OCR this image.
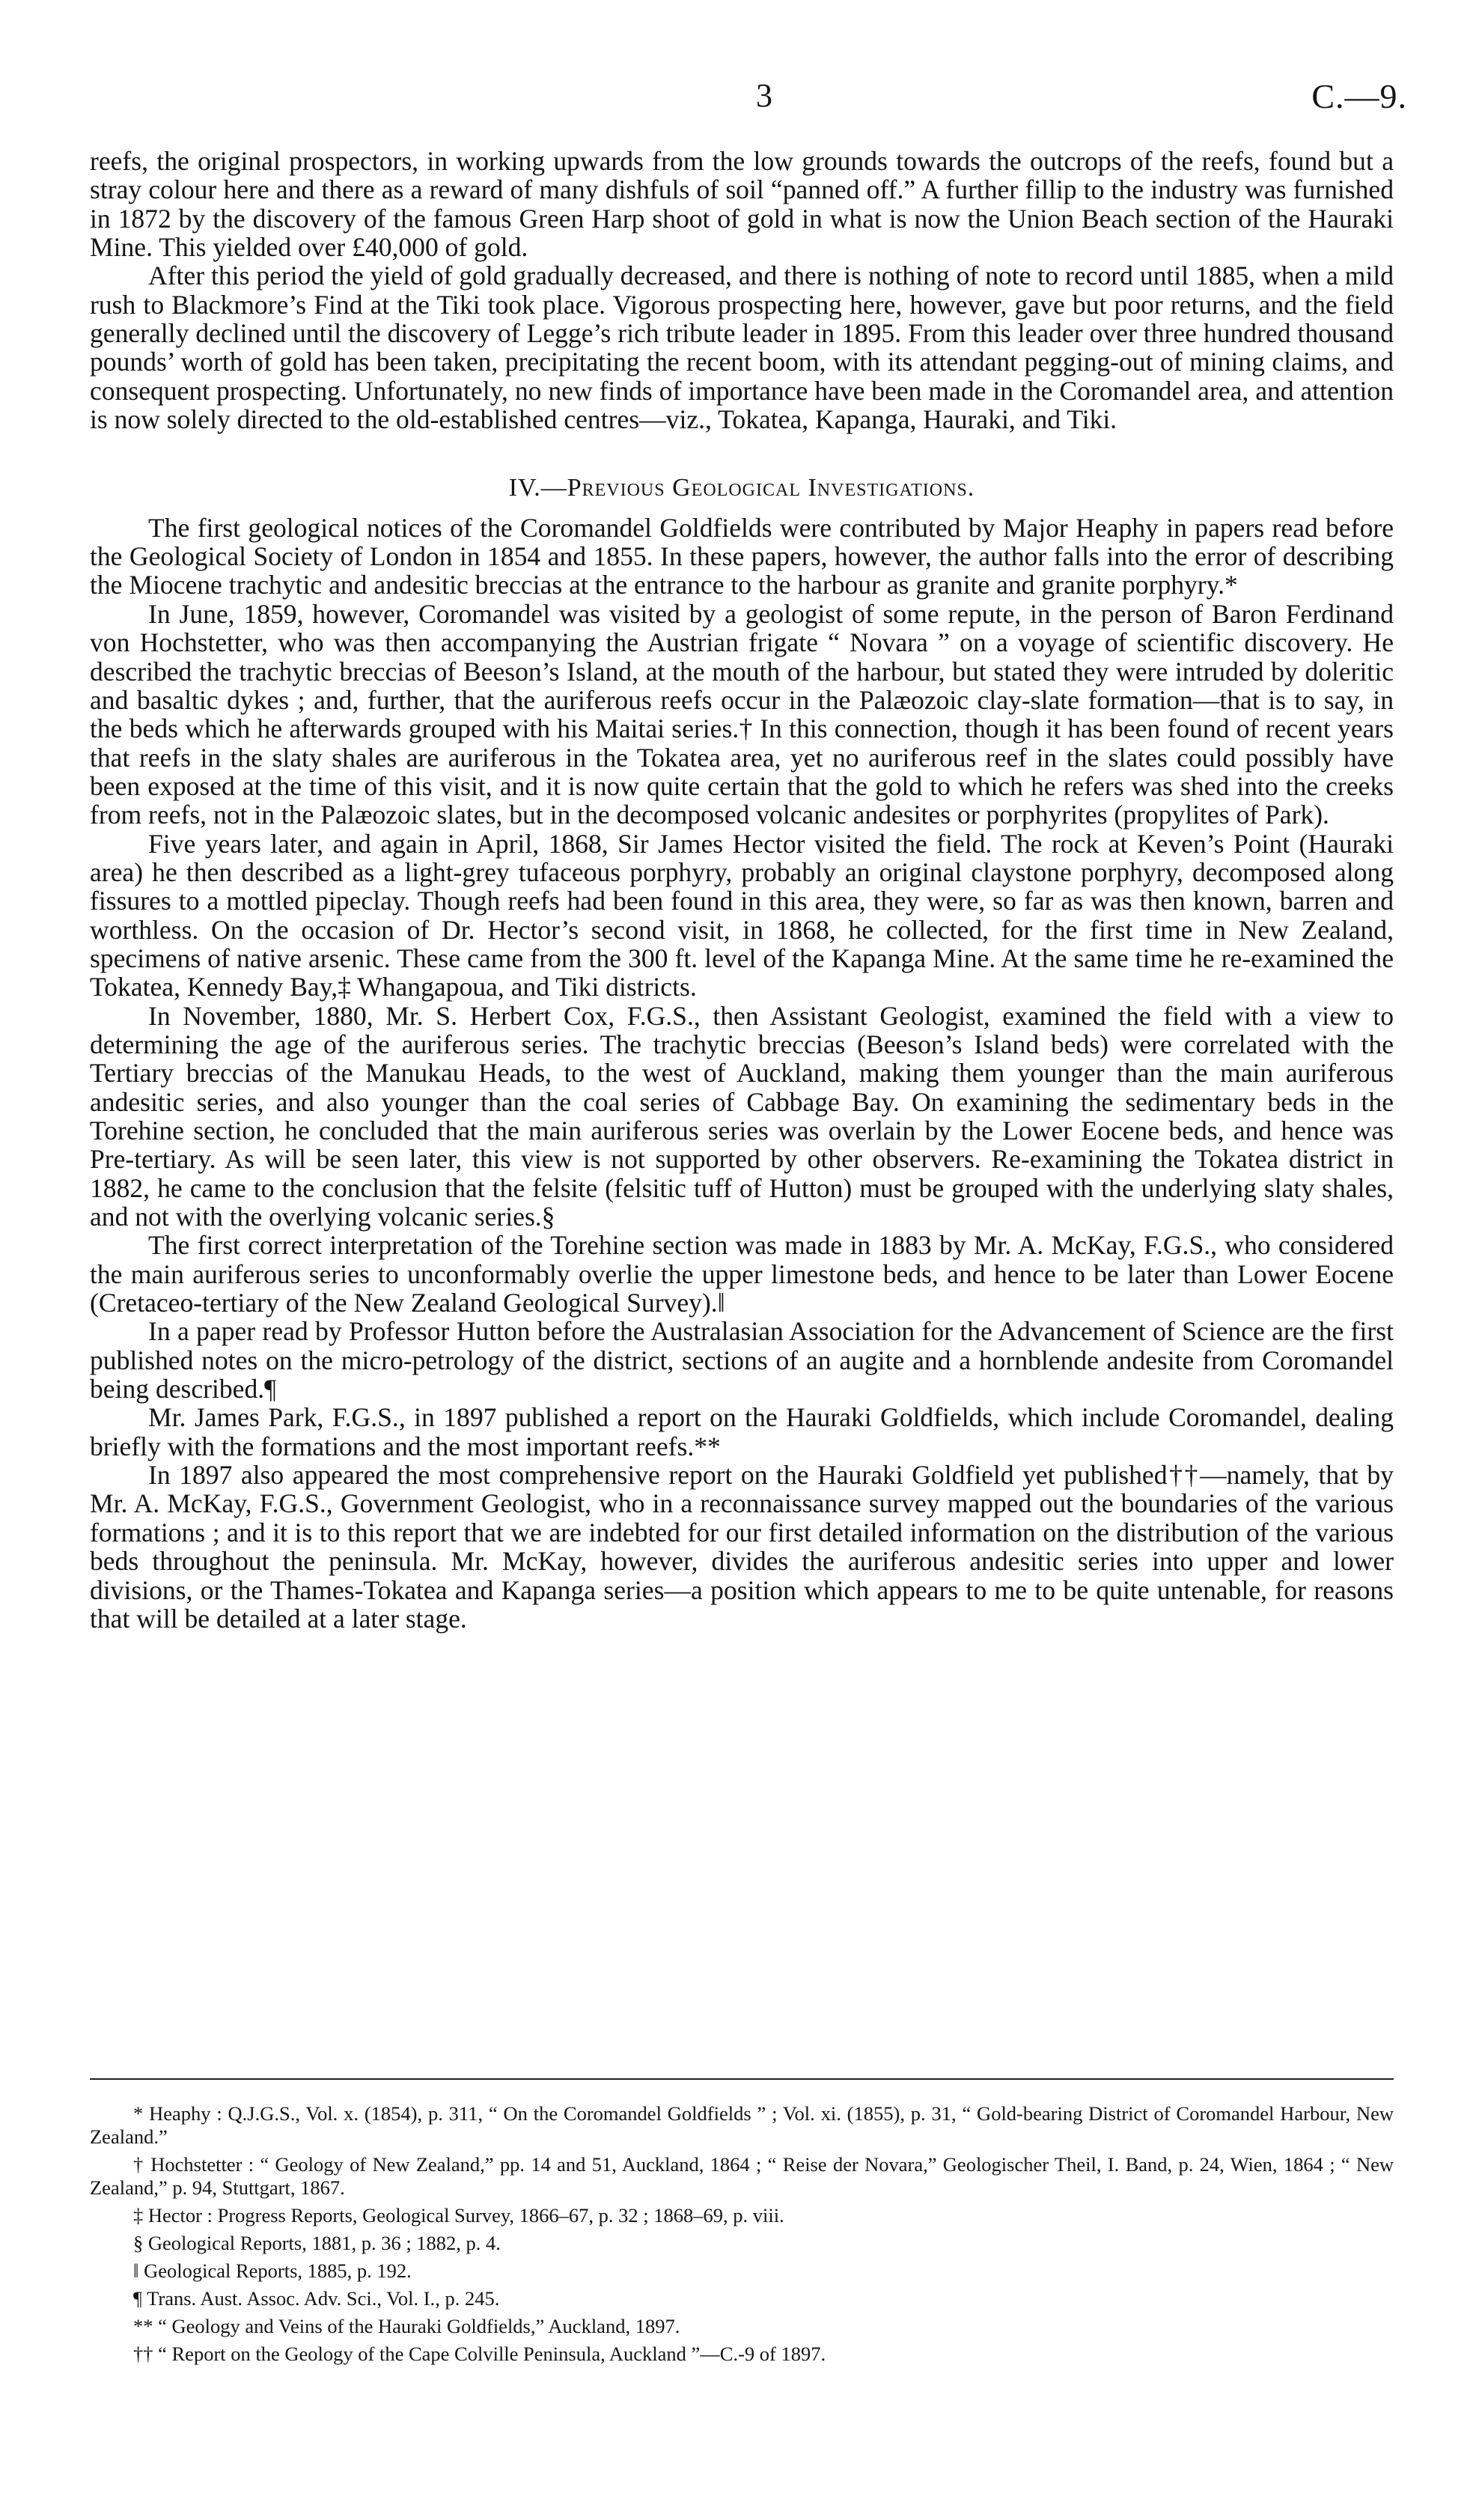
3	C.—9.

reefs, the original prospectors, in working upwards from the low grounds towards the outcrops of the reefs, found but a stray colour here and there as a reward of many dishfuls of soil “panned off.” A further fillip to the industry was furnished in 1872 by the discovery of the famous Green Harp shoot of gold in what is now the Union Beach section of the Hauraki Mine. This yielded over £40,000 of gold.

After this period the yield of gold gradually decreased, and there is nothing of note to record until 1885, when a mild rush to Blackmore’s Find at the Tiki took place. Vigorous prospecting here, however, gave but poor returns, and the field generally declined until the discovery of Legge’s rich tribute leader in 1895. From this leader over three hundred thousand pounds’ worth of gold has been taken, precipitating the recent boom, with its attendant pegging-out of mining claims, and consequent prospecting. Unfortunately, no new finds of importance have been made in the Coromandel area, and attention is now solely directed to the old-established centres—viz., Tokatea, Kapanga, Hauraki, and Tiki.

IV.—Previous Geological Investigations.

The first geological notices of the Coromandel Goldfields were contributed by Major Heaphy in papers read before the Geological Society of London in 1854 and 1855. In these papers, however, the author falls into the error of describing the Miocene trachytic and andesitic breccias at the entrance to the harbour as granite and granite porphyry.*

In June, 1859, however, Coromandel was visited by a geologist of some repute, in the person of Baron Ferdinand von Hochstetter, who was then accompanying the Austrian frigate “ Novara ” on a voyage of scientific discovery. He described the trachytic breccias of Beeson’s Island, at the mouth of the harbour, but stated they were intruded by doleritic and basaltic dykes ; and, further, that the auriferous reefs occur in the Palæozoic clay-slate formation—that is to say, in the beds which he afterwards grouped with his Maitai series.† In this connection, though it has been found of recent years that reefs in the slaty shales are auriferous in the Tokatea area, yet no auriferous reef in the slates could possibly have been exposed at the time of this visit, and it is now quite certain that the gold to which he refers was shed into the creeks from reefs, not in the Palæozoic slates, but in the decomposed volcanic andesites or porphyrites (propylites of Park).

Five years later, and again in April, 1868, Sir James Hector visited the field. The rock at Keven’s Point (Hauraki area) he then described as a light-grey tufaceous porphyry, probably an original claystone porphyry, decomposed along fissures to a mottled pipeclay. Though reefs had been found in this area, they were, so far as was then known, barren and worthless. On the occasion of Dr. Hector’s second visit, in 1868, he collected, for the first time in New Zealand, specimens of native arsenic. These came from the 300 ft. level of the Kapanga Mine. At the same time he re-examined the Tokatea, Kennedy Bay,‡ Whangapoua, and Tiki districts.

In November, 1880, Mr. S. Herbert Cox, F.G.S., then Assistant Geologist, examined the field with a view to determining the age of the auriferous series. The trachytic breccias (Beeson’s Island beds) were correlated with the Tertiary breccias of the Manukau Heads, to the west of Auckland, making them younger than the main auriferous andesitic series, and also younger than the coal series of Cabbage Bay. On examining the sedimentary beds in the Torehine section, he concluded that the main auriferous series was overlain by the Lower Eocene beds, and hence was Pre-tertiary. As will be seen later, this view is not supported by other observers. Re-examining the Tokatea district in 1882, he came to the conclusion that the felsite (felsitic tuff of Hutton) must be grouped with the underlying slaty shales, and not with the overlying volcanic series.§

The first correct interpretation of the Torehine section was made in 1883 by Mr. A. McKay, F.G.S., who considered the main auriferous series to unconformably overlie the upper limestone beds, and hence to be later than Lower Eocene (Cretaceo-tertiary of the New Zealand Geological Survey).‖

In a paper read by Professor Hutton before the Australasian Association for the Advancement of Science are the first published notes on the micro-petrology of the district, sections of an augite and a hornblende andesite from Coromandel being described.¶

Mr. James Park, F.G.S., in 1897 published a report on the Hauraki Goldfields, which include Coromandel, dealing briefly with the formations and the most important reefs.**

In 1897 also appeared the most comprehensive report on the Hauraki Goldfield yet published††—namely, that by Mr. A. McKay, F.G.S., Government Geologist, who in a reconnaissance survey mapped out the boundaries of the various formations ; and it is to this report that we are indebted for our first detailed information on the distribution of the various beds throughout the peninsula. Mr. McKay, however, divides the auriferous andesitic series into upper and lower divisions, or the Thames-Tokatea and Kapanga series—a position which appears to me to be quite untenable, for reasons that will be detailed at a later stage.

* Heaphy : Q.J.G.S., Vol. x. (1854), p. 311, “ On the Coromandel Goldfields ” ; Vol. xi. (1855), p. 31, “ Gold-bearing District of Coromandel Harbour, New Zealand.”

† Hochstetter : “ Geology of New Zealand,” pp. 14 and 51, Auckland, 1864 ; “ Reise der Novara,” Geologischer Theil, I. Band, p. 24, Wien, 1864 ; “ New Zealand,” p. 94, Stuttgart, 1867.

‡ Hector : Progress Reports, Geological Survey, 1866–67, p. 32 ; 1868–69, p. viii.

§ Geological Reports, 1881, p. 36 ; 1882, p. 4.

‖ Geological Reports, 1885, p. 192.

¶ Trans. Aust. Assoc. Adv. Sci., Vol. I., p. 245.

** “ Geology and Veins of the Hauraki Goldfields,” Auckland, 1897.

†† “ Report on the Geology of the Cape Colville Peninsula, Auckland ”—C.-9 of 1897.
